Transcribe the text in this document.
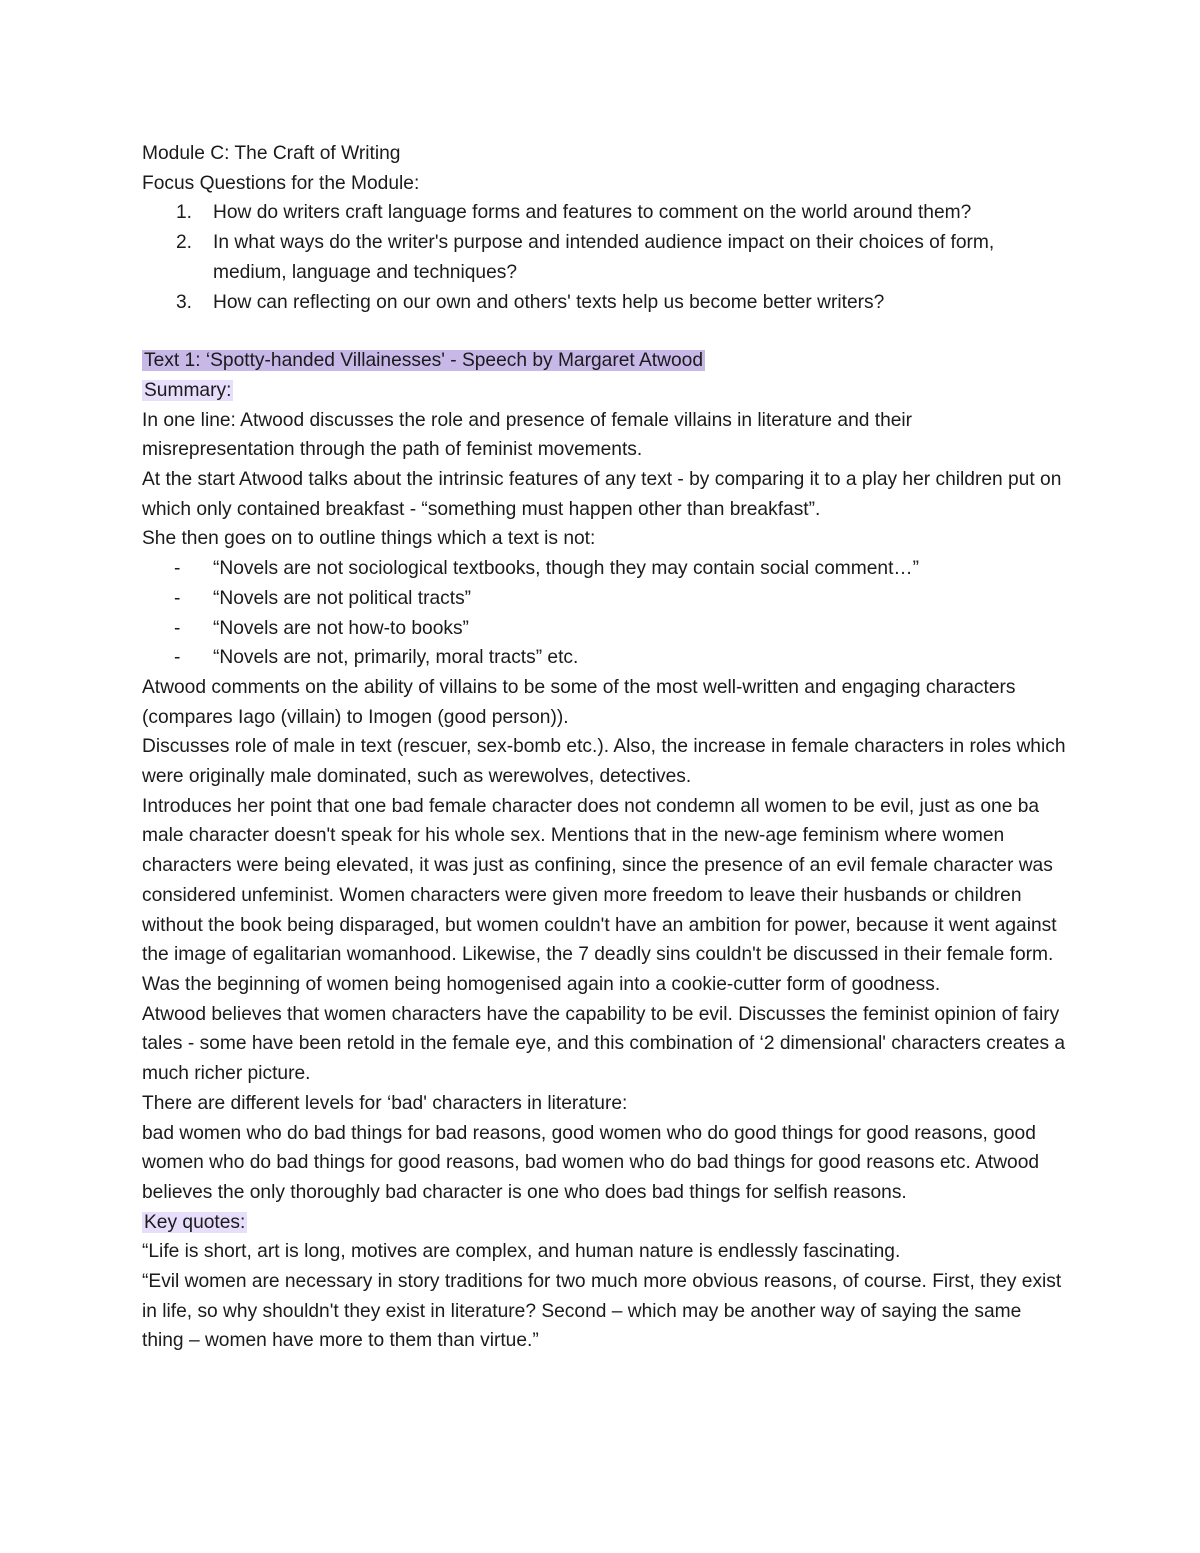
Module C: The Craft of Writing

Focus Questions for the Module:

1. How do writers craft language forms and features to comment on the world around them?
2. In what ways do the writer's purpose and intended audience impact on their choices of form, medium, language and techniques?
3. How can reflecting on our own and others' texts help us become better writers?

Text 1: ‘Spotty-handed Villainesses' - Speech by Margaret Atwood

Summary:

In one line: Atwood discusses the role and presence of female villains in literature and their misrepresentation through the path of feminist movements.

At the start Atwood talks about the intrinsic features of any text - by comparing it to a play her children put on which only contained breakfast - “something must happen other than breakfast”.

She then goes on to outline things which a text is not:

- “Novels are not sociological textbooks, though they may contain social comment…”
- “Novels are not political tracts”
- “Novels are not how-to books”
- “Novels are not, primarily, moral tracts” etc.

Atwood comments on the ability of villains to be some of the most well-written and engaging characters (compares Iago (villain) to Imogen (good person)).

Discusses role of male in text (rescuer, sex-bomb etc.). Also, the increase in female characters in roles which were originally male dominated, such as werewolves, detectives.

Introduces her point that one bad female character does not condemn all women to be evil, just as one ba male character doesn't speak for his whole sex. Mentions that in the new-age feminism where women characters were being elevated, it was just as confining, since the presence of an evil female character was considered unfeminist. Women characters were given more freedom to leave their husbands or children without the book being disparaged, but women couldn't have an ambition for power, because it went against the image of egalitarian womanhood. Likewise, the 7 deadly sins couldn't be discussed in their female form. Was the beginning of women being homogenised again into a cookie-cutter form of goodness.

Atwood believes that women characters have the capability to be evil. Discusses the feminist opinion of fairy tales - some have been retold in the female eye, and this combination of ‘2 dimensional' characters creates a much richer picture.

There are different levels for ‘bad' characters in literature:

bad women who do bad things for bad reasons, good women who do good things for good reasons, good women who do bad things for good reasons, bad women who do bad things for good reasons etc. Atwood believes the only thoroughly bad character is one who does bad things for selfish reasons.

Key quotes:

“Life is short, art is long, motives are complex, and human nature is endlessly fascinating.

“Evil women are necessary in story traditions for two much more obvious reasons, of course. First, they exist in life, so why shouldn't they exist in literature? Second – which may be another way of saying the same thing – women have more to them than virtue.”
